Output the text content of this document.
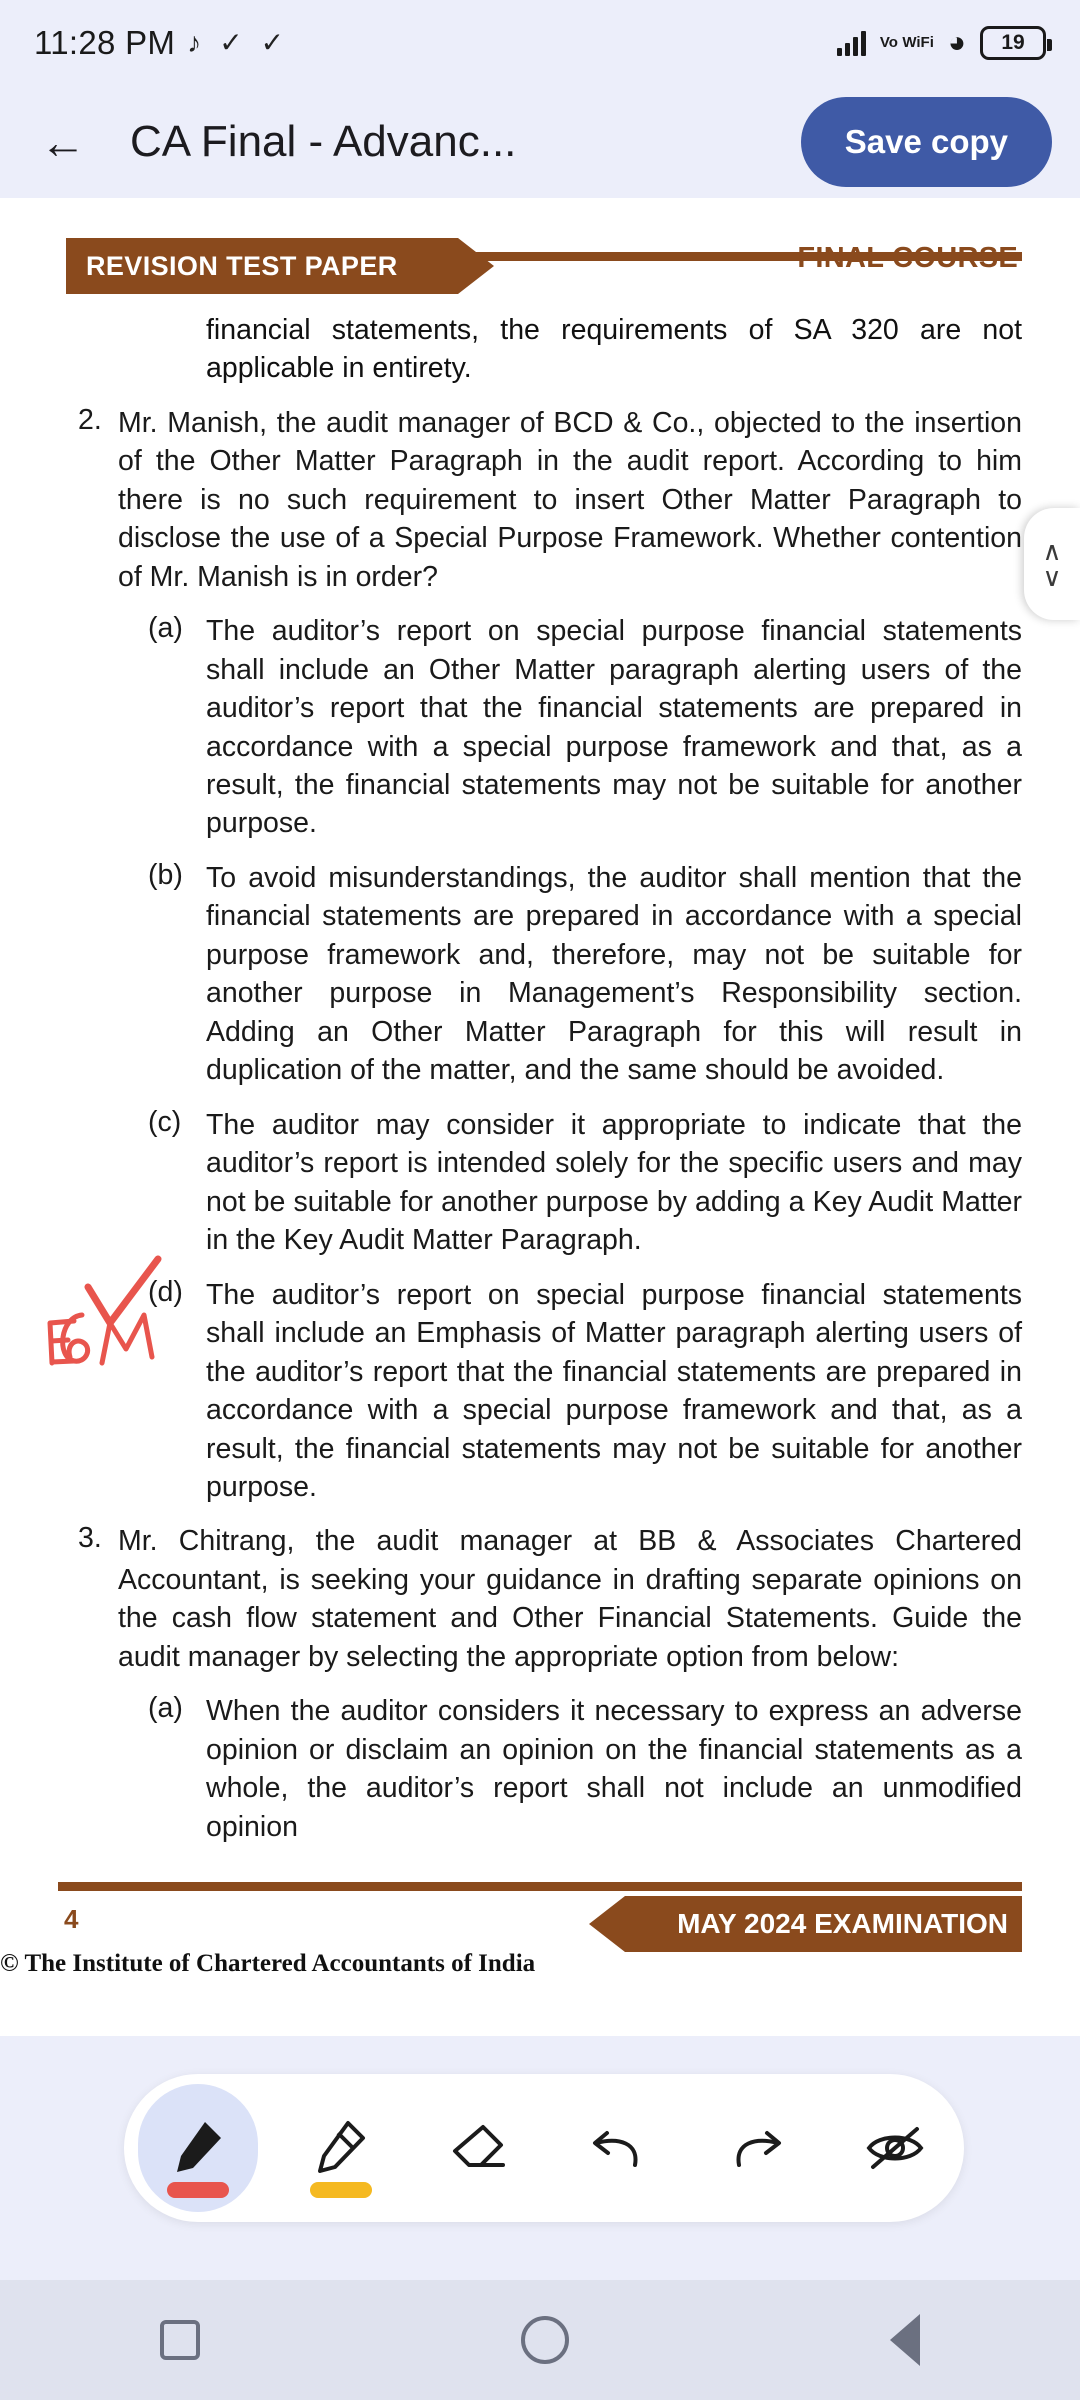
11:28 PM ♪ ✓ ✓	Vo WiFi ◕	19
←	CA Final - Advanc...	Save copy
REVISION TEST PAPER	FINAL COURSE
financial statements, the requirements of SA 320 are not applicable in entirety.
2. Mr. Manish, the audit manager of BCD & Co., objected to the insertion of the Other Matter Paragraph in the audit report. According to him there is no such requirement to insert Other Matter Paragraph to disclose the use of a Special Purpose Framework. Whether contention of Mr. Manish is in order?
(a) The auditor’s report on special purpose financial statements shall include an Other Matter paragraph alerting users of the auditor’s report that the financial statements are prepared in accordance with a special purpose framework and that, as a result, the financial statements may not be suitable for another purpose.
(b) To avoid misunderstandings, the auditor shall mention that the financial statements are prepared in accordance with a special purpose framework and, therefore, may not be suitable for another purpose in Management’s Responsibility section. Adding an Other Matter Paragraph for this will result in duplication of the matter, and the same should be avoided.
(c) The auditor may consider it appropriate to indicate that the auditor’s report is intended solely for the specific users and may not be suitable for another purpose by adding a Key Audit Matter in the Key Audit Matter Paragraph.
(d) The auditor’s report on special purpose financial statements shall include an Emphasis of Matter paragraph alerting users of the auditor’s report that the financial statements are prepared in accordance with a special purpose framework and that, as a result, the financial statements may not be suitable for another purpose.
3. Mr. Chitrang, the audit manager at BB & Associates Chartered Accountant, is seeking your guidance in drafting separate opinions on the cash flow statement and Other Financial Statements. Guide the audit manager by selecting the appropriate option from below:
(a) When the auditor considers it necessary to express an adverse opinion or disclaim an opinion on the financial statements as a whole, the auditor’s report shall not include an unmodified opinion
4	MAY 2024 EXAMINATION
© The Institute of Chartered Accountants of India
∧
∨
